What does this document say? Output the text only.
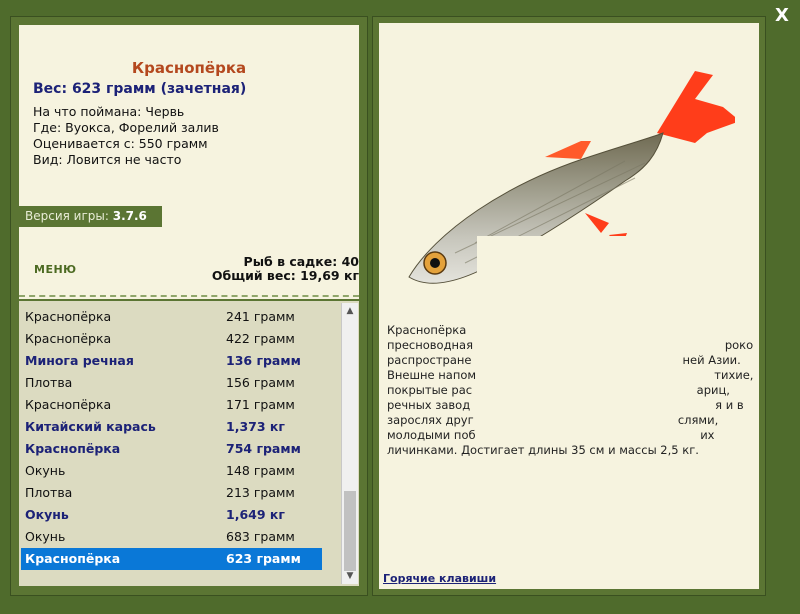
Краснопёрка
Вес: 623 грамм (зачетная)
На что поймана: Червь
Где: Вуокса, Форелий залив
Оценивается с: 550 грамм
Вид: Ловится не часто
Версия игры: 3.7.6
МЕНЮ
Рыб в садке: 40
Общий вес: 19,69 кг
Краснопёрка	241 грамм
Краснопёрка	422 грамм
Минога речная	136 грамм
Плотва	156 грамм
Краснопёрка	171 грамм
Китайский карась	1,373 кг
Краснопёрка	754 грамм
Окунь	148 грамм
Плотва	213 грамм
Окунь	1,649 кг
Окунь	683 грамм
Краснопёрка	623 грамм
▲
▼
Краснопёрка
пресноводная	роко
распростране	ней Азии.
Внешне напом	тихие,
покрытые рас	ариц,
речных завод	я и в
зарослях друг	слями,
молодыми поб	их
личинками. Достигает длины 35 см и массы 2,5 кг.
Горячие клавиши
X
